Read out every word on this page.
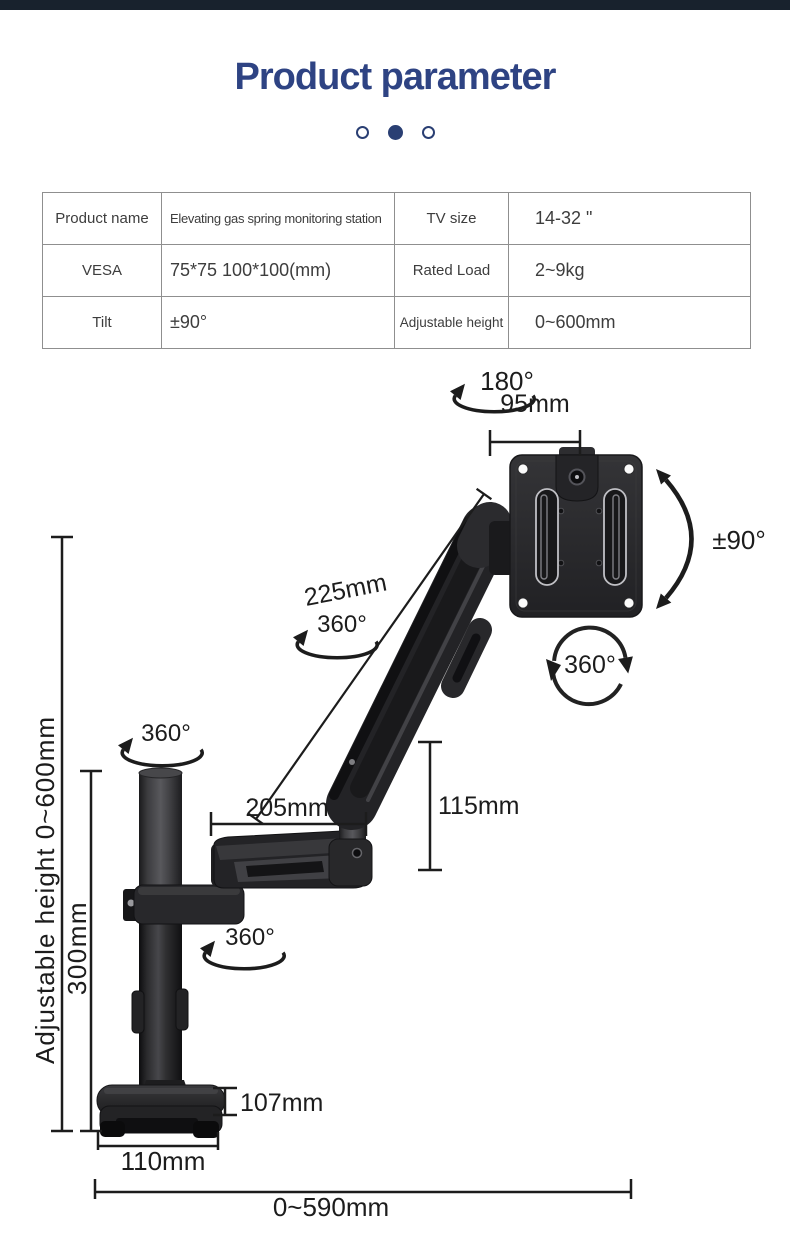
Product parameter
Product name	Elevating gas spring monitoring station	TV size	14-32 "
VESA	75*75 100*100(mm)	Rated Load	2~9kg
Tilt	±90°	Adjustable height	0~600mm
180°
95mm
±90°
360°
225mm
360°
115mm
205mm
360°
360°
Adjustable height 0~600mm 300mm
107mm
110mm
0~590mm
